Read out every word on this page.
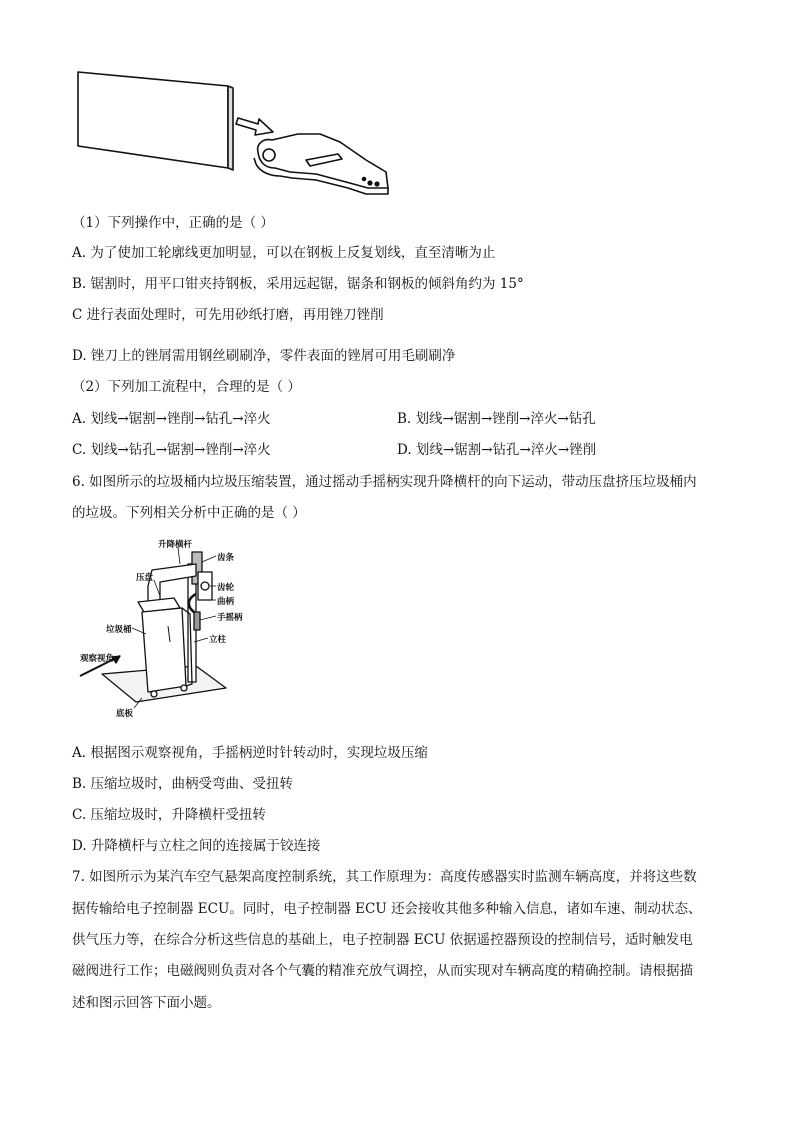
（1）下列操作中，正确的是（ ）
A. 为了使加工轮廓线更加明显，可以在钢板上反复划线，直至清晰为止
B. 锯割时，用平口钳夹持钢板，采用远起锯，锯条和钢板的倾斜角约为 15°
C 进行表面处理时，可先用砂纸打磨，再用锉刀锉削
D. 锉刀上的锉屑需用钢丝刷刷净，零件表面的锉屑可用毛刷刷净
（2）下列加工流程中，合理的是（ ）
A. 划线→锯割→锉削→钻孔→淬火	B. 划线→锯割→锉削→淬火→钻孔
C. 划线→钻孔→锯割→锉削→淬火	D. 划线→锯割→钻孔→淬火→锉削
6. 如图所示的垃圾桶内垃圾压缩装置，通过摇动手摇柄实现升降横杆的向下运动，带动压盘挤压垃圾桶内
的垃圾。下列相关分析中正确的是（ ）
升降横杆
齿条
压盘
齿轮
曲柄
手摇柄
垃圾桶
立柱
观察视角
底板
A. 根据图示观察视角，手摇柄逆时针转动时，实现垃圾压缩
B. 压缩垃圾时，曲柄受弯曲、受扭转
C. 压缩垃圾时，升降横杆受扭转
D. 升降横杆与立柱之间的连接属于铰连接
7. 如图所示为某汽车空气悬架高度控制系统，其工作原理为：高度传感器实时监测车辆高度，并将这些数
据传输给电子控制器 ECU。同时，电子控制器 ECU 还会接收其他多种输入信息，诸如车速、制动状态、
供气压力等，在综合分析这些信息的基础上，电子控制器 ECU 依据遥控器预设的控制信号，适时触发电
磁阀进行工作；电磁阀则负责对各个气囊的精准充放气调控，从而实现对车辆高度的精确控制。请根据描
述和图示回答下面小题。
